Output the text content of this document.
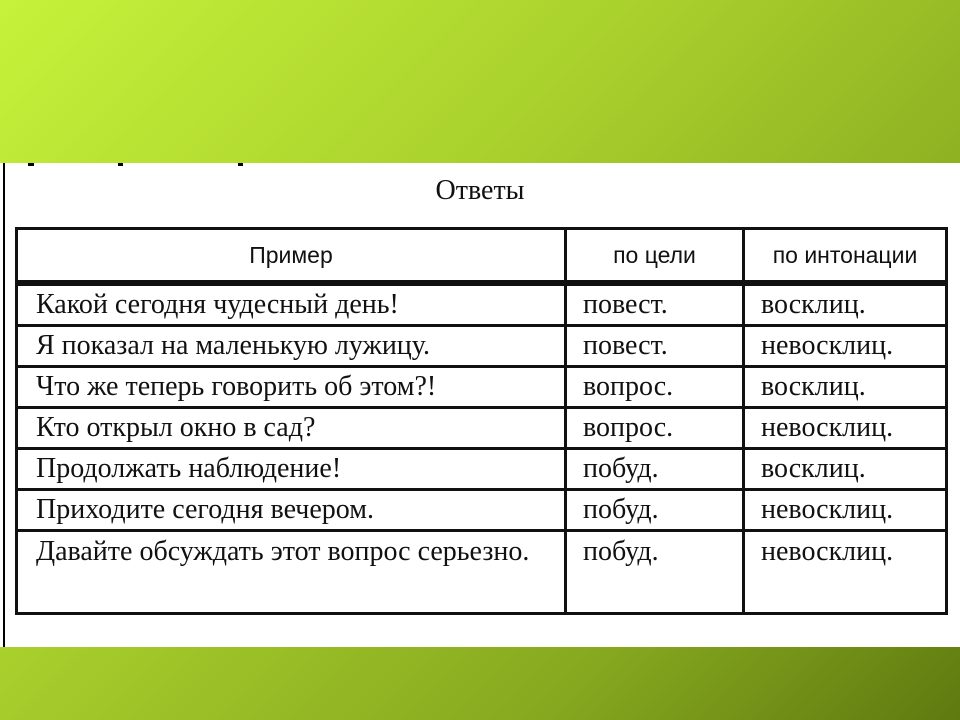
Ответы
Пример	по цели	по интонации
Какой сегодня чудесный день!	повест.	восклиц.
Я показал на маленькую лужицу.	повест.	невосклиц.
Что же теперь говорить об этом?!	вопрос.	восклиц.
Кто открыл окно в сад?	вопрос.	невосклиц.
Продолжать наблюдение!	побуд.	восклиц.
Приходите сегодня вечером.	побуд.	невосклиц.
Давайте обсуждать этот вопрос серьезно.	побуд.	невосклиц.
